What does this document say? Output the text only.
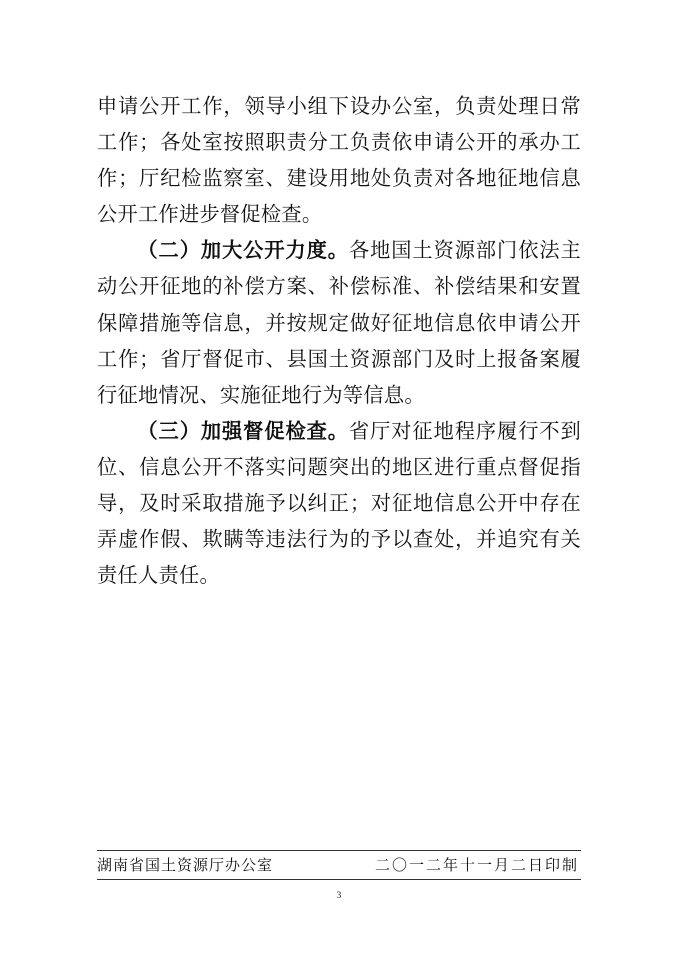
申请公开工作，领导小组下设办公室，负责处理日常工作；各处室按照职责分工负责依申请公开的承办工作；厅纪检监察室、建设用地处负责对各地征地信息公开工作进步督促检查。

（二）加大公开力度。各地国土资源部门依法主动公开征地的补偿方案、补偿标准、补偿结果和安置保障措施等信息，并按规定做好征地信息依申请公开工作；省厅督促市、县国土资源部门及时上报备案履行征地情况、实施征地行为等信息。

（三）加强督促检查。省厅对征地程序履行不到位、信息公开不落实问题突出的地区进行重点督促指导，及时采取措施予以纠正；对征地信息公开中存在弄虚作假、欺瞒等违法行为的予以查处，并追究有关责任人责任。

湖南省国土资源厅办公室	二〇一二年十一月二日印制
3
